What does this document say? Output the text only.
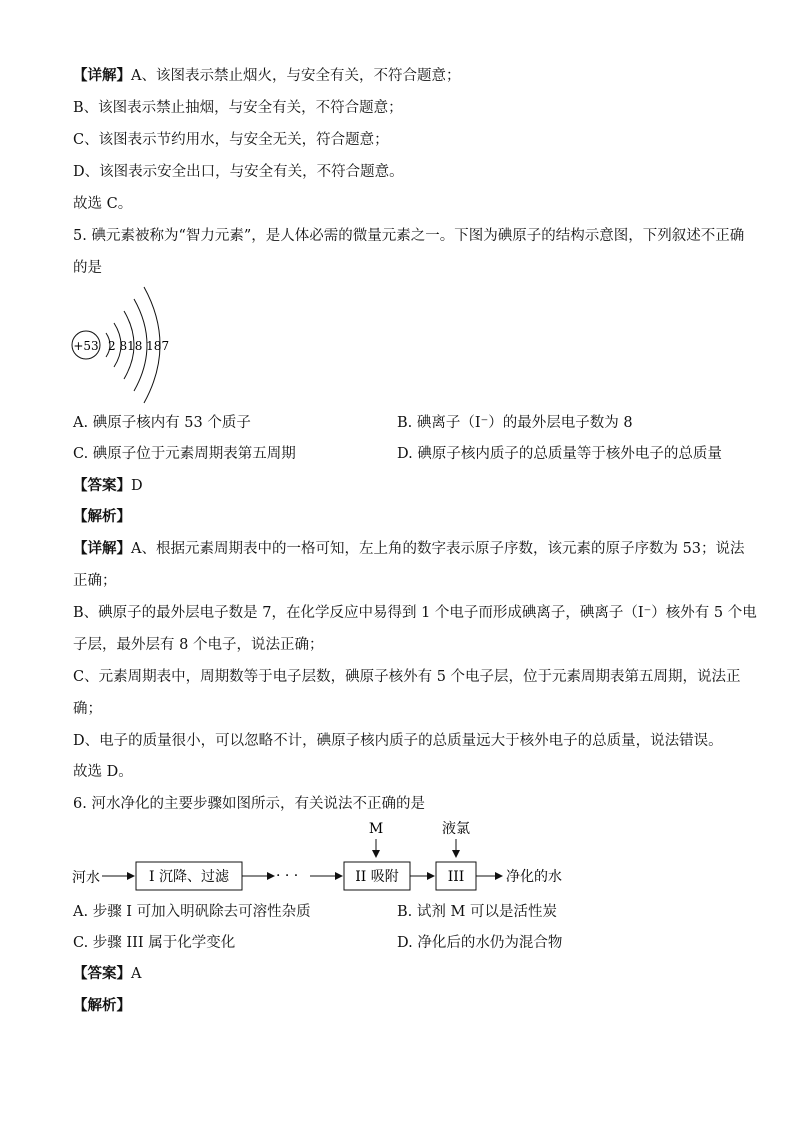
【详解】A、该图表示禁止烟火，与安全有关，不符合题意；
B、该图表示禁止抽烟，与安全有关，不符合题意；
C、该图表示节约用水，与安全无关，符合题意；
D、该图表示安全出口，与安全有关，不符合题意。
故选 C。
5. 碘元素被称为“智力元素”，是人体必需的微量元素之一。下图为碘原子的结构示意图，下列叙述不正确
的是
+53 2 818 187
A. 碘原子核内有 53 个质子	B. 碘离子（I⁻）的最外层电子数为 8
C. 碘原子位于元素周期表第五周期	D. 碘原子核内质子的总质量等于核外电子的总质量
【答案】D
【解析】
【详解】A、根据元素周期表中的一格可知，左上角的数字表示原子序数，该元素的原子序数为 53；说法
正确；
B、碘原子的最外层电子数是 7，在化学反应中易得到 1 个电子而形成碘离子，碘离子（I⁻）核外有 5 个电
子层，最外层有 8 个电子，说法正确；
C、元素周期表中，周期数等于电子层数，碘原子核外有 5 个电子层，位于元素周期表第五周期，说法正
确；
D、电子的质量很小，可以忽略不计，碘原子核内质子的总质量远大于核外电子的总质量，说法错误。
故选 D。
6. 河水净化的主要步骤如图所示，有关说法不正确的是
M	液氯
河水	I 沉降、过滤	· · ·	II 吸附	III	净化的水
A. 步骤 I 可加入明矾除去可溶性杂质	B. 试剂 M 可以是活性炭
C. 步骤 III 属于化学变化	D. 净化后的水仍为混合物
【答案】A
【解析】
